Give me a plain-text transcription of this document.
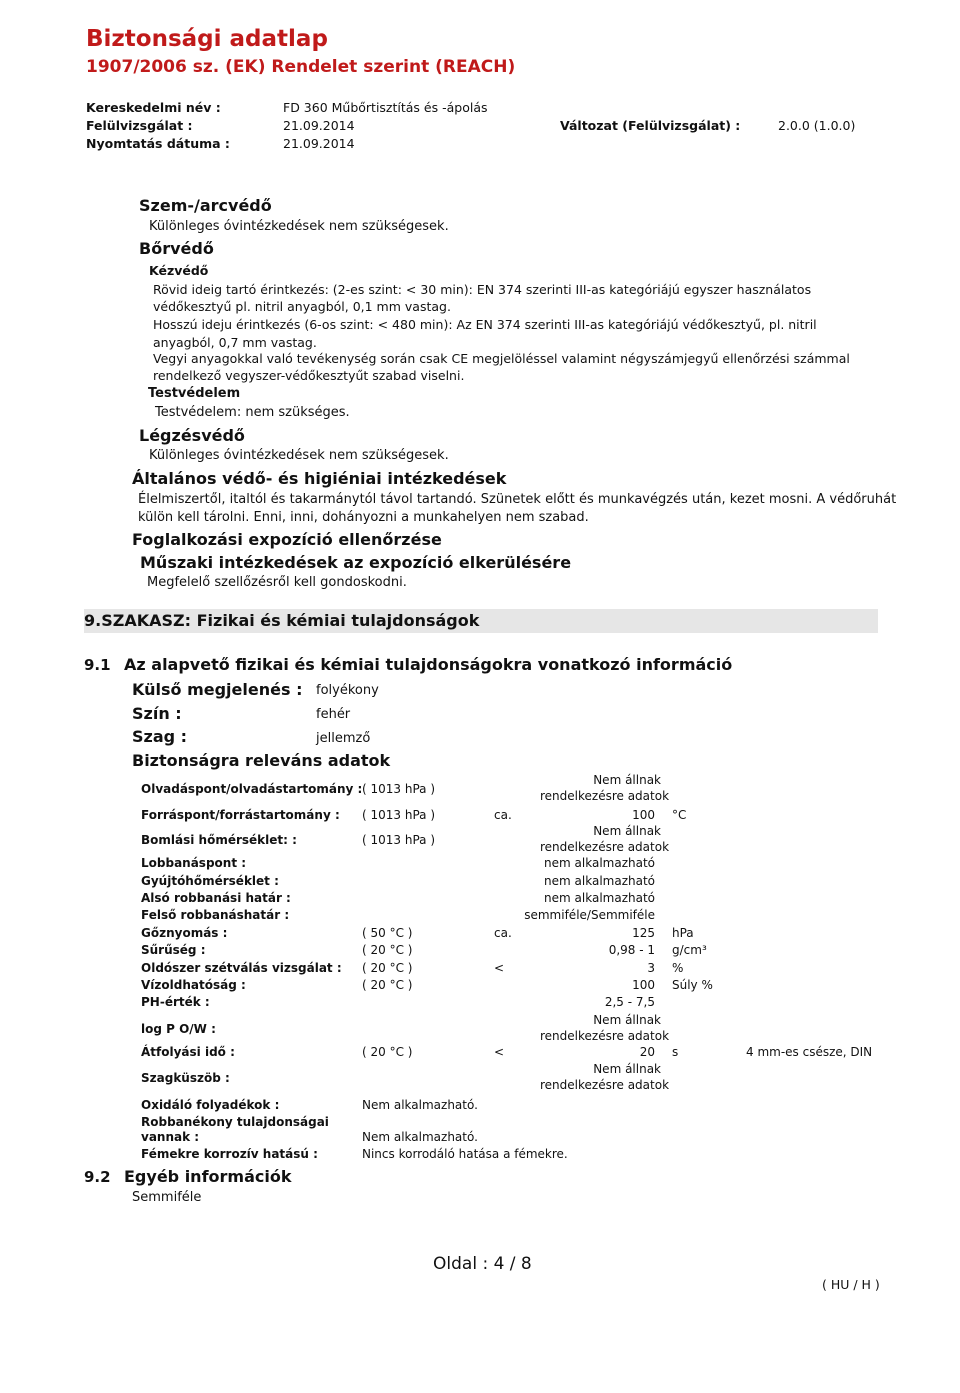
Biztonsági adatlap
1907/2006 sz. (EK) Rendelet szerint (REACH)
Kereskedelmi név :	FD 360 Műbőrtisztítás és -ápolás
Felülvizsgálat :	21.09.2014	Változat (Felülvizsgálat) :	2.0.0 (1.0.0)
Nyomtatás dátuma :	21.09.2014
Szem-/arcvédő
Különleges óvintézkedések nem szükségesek.
Bőrvédő
Kézvédő
Rövid ideig tartó érintkezés: (2-es szint: < 30 min): EN 374 szerinti III-as kategóriájú egyszer használatos
védőkesztyű pl. nitril anyagból, 0,1 mm vastag.
Hosszú ideju érintkezés (6-os szint: < 480 min): Az EN 374 szerinti III-as kategóriájú védőkesztyű, pl. nitril
anyagból, 0,7 mm vastag.
Vegyi anyagokkal való tevékenység során csak CE megjelöléssel valamint négyszámjegyű ellenőrzési számmal
rendelkező vegyszer-védőkesztyűt szabad viselni.
Testvédelem
Testvédelem: nem szükséges.
Légzésvédő
Különleges óvintézkedések nem szükségesek.
Általános védő- és higiéniai intézkedések
Élelmiszertől, italtól és takarmánytól távol tartandó. Szünetek előtt és munkavégzés után, kezet mosni. A védőruhát
külön kell tárolni. Enni, inni, dohányozni a munkahelyen nem szabad.
Foglalkozási expozíció ellenőrzése
Műszaki intézkedések az expozíció elkerülésére
Megfelelő szellőzésről kell gondoskodni.
9.SZAKASZ: Fizikai és kémiai tulajdonságok
9.1 Az alapvető fizikai és kémiai tulajdonságokra vonatkozó információ
Külső megjelenés : folyékony
Szín :	fehér
Szag :	jellemző
Biztonságra releváns adatok
Olvadáspont/olvadástartomány : ( 1013 hPa )
Nem állnak
rendelkezésre adatok
Forráspont/forrástartomány : ( 1013 hPa )	ca.	100 °C
Bomlási hőmérséklet: :	( 1013 hPa )
Nem állnak
rendelkezésre adatok
Lobbanáspont :	nem alkalmazható
Gyújtóhőmérséklet :	nem alkalmazható
Alsó robbanási határ :	nem alkalmazható
Felső robbanáshatár :	semmiféle/Semmiféle
Gőznyomás :	( 50 °C )	ca.	125 hPa
Sűrűség :	( 20 °C )	0,98 - 1 g/cm³
Oldószer szétválás vizsgálat : ( 20 °C )	<	3 %
Vízoldhatóság :	( 20 °C )	100 Súly %
PH-érték :	2,5 - 7,5
log P O/W :
Nem állnak
rendelkezésre adatok
Átfolyási idő :	( 20 °C )	<	20 s	4 mm-es csésze, DIN
Szagküszöb :
Nem állnak
rendelkezésre adatok
Oxidáló folyadékok :	Nem alkalmazható.
Robbanékony tulajdonságai
vannak :	Nem alkalmazható.
Fémekre korrozív hatású :	Nincs korrodáló hatása a fémekre.
9.2 Egyéb információk
Semmiféle
Oldal : 4 / 8
( HU / H )
